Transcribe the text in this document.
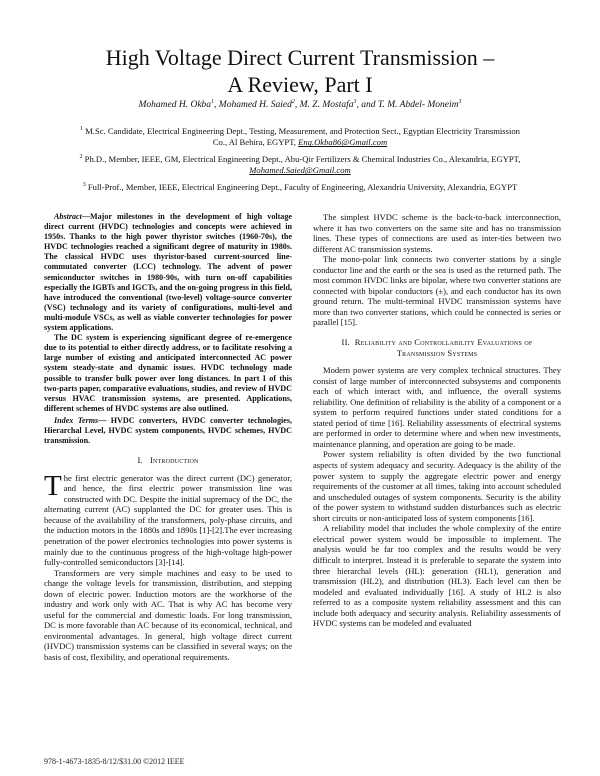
High Voltage Direct Current Transmission –
A Review, Part I
Mohamed H. Okba$^1$, Mohamed H. Saied$^2$, M. Z. Mostafa$^3$, and T. M. Abdel- Moneim$^3$
$^1$ M.Sc. Candidate, Electrical Engineering Dept., Testing, Measurement, and Protection Sect., Egyptian Electricity Transmission
Co., Al Behira, EGYPT, Eng.Okba86@Gmail.com
$^2$ Ph.D., Member, IEEE, GM, Electrical Engineering Dept., Abu-Qir Fertilizers & Chemical Industries Co., Alexandria, EGYPT,
Mohamed.Saied@Gmail.com
$^3$ Full-Prof., Member, IEEE, Electrical Engineering Dept., Faculty of Engineering, Alexandria University, Alexandria, EGYPT

Abstract—Major milestones in the development of high voltage direct current (HVDC) technologies and concepts were achieved in 1950s. Thanks to the high power thyristor switches (1960-70s), the HVDC technologies reached a significant degree of maturity in 1980s. The classical HVDC uses thyristor-based current-sourced line-commutated converter (LCC) technology. The advent of power semiconductor switches in 1980-90s, with turn on-off capabilities especially the IGBTs and IGCTs, and the on-going progress in this field, have introduced the conventional (two-level) voltage-source converter (VSC) technology and its variety of configurations, multi-level and multi-module VSCs, as well as viable converter technologies for power system applications.

The DC system is experiencing significant degree of re-emergence due to its potential to either directly address, or to facilitate resolving a large number of existing and anticipated interconnected AC power system steady-state and dynamic issues. HVDC technology made possible to transfer bulk power over long distances. In part I of this two-parts paper, comparative evaluations, studies, and review of HVDC versus HVAC transmission systems, are presented. Applications, different schemes of HVDC systems are also outlined.

Index Terms— HVDC converters, HVDC converter technologies, Hierarchal Level, HVDC system components, HVDC schemes, HVDC transmission.

I. Introduction

The first electric generator was the direct current (DC) generator, and hence, the first electric power transmission line was constructed with DC. Despite the initial supremacy of the DC, the alternating current (AC) supplanted the DC for greater uses. This is because of the availability of the transformers, poly-phase circuits, and the induction motors in the 1880s and 1890s [1]-[2].The ever increasing penetration of the power electronics technologies into power systems is mainly due to the continuous progress of the high-voltage high-power fully-controlled semiconductors [3]-[14].

Transformers are very simple machines and easy to be used to change the voltage levels for transmission, distribution, and stepping down of electric power. Induction motors are the workhorse of the industry and work only with AC. That is why AC has become very useful for the commercial and domestic loads. For long transmission, DC is more favorable than AC because of its economical, technical, and environmental advantages. In general, high voltage direct current (HVDC) transmission systems can be classified in several ways; on the basis of cost, flexibility, and operational requirements.

The simplest HVDC scheme is the back-to-back interconnection, where it has two converters on the same site and has no transmission lines. These types of connections are used as inter-ties between two different AC transmission systems.

The mono-polar link connects two converter stations by a single conductor line and the earth or the sea is used as the returned path. The most common HVDC links are bipolar, where two converter stations are connected with bipolar conductors (±), and each conductor has its own ground return. The multi-terminal HVDC transmission systems have more than two converter stations, which could be connected is series or parallel [15].

II. Reliability and Controllability Evaluations of
Transmission Systems

Modern power systems are very complex technical structures. They consist of large number of interconnected subsystems and components each of which interact with, and influence, the overall systems reliability. One definition of reliability is the ability of a component or a system to perform required functions under stated conditions for a stated period of time [16]. Reliability assessments of electrical systems are performed in order to determine where and when new investments, maintenance planning, and operation are going to be made.

Power system reliability is often divided by the two functional aspects of system adequacy and security. Adequacy is the ability of the power system to supply the aggregate electric power and energy requirements of the customer at all times, taking into account scheduled and unscheduled outages of system components. Security is the ability of the power system to withstand sudden disturbances such as electric short circuits or non-anticipated loss of system components [16].

A reliability model that includes the whole complexity of the entire electrical power system would be impossible to implement. The analysis would be far too complex and the results would be very difficult to interpret. Instead it is preferable to separate the system into three hierarchal levels (HL): generation (HL1), generation and transmission (HL2), and distribution (HL3). Each level can then be modeled and evaluated individually [16]. A study of HL2 is also referred to as a composite system reliability assessment and this can include both adequacy and security analysis. Reliability assessments of HVDC systems can be modeled and evaluated

978-1-4673-1835-8/12/$31.00 ©2012 IEEE
